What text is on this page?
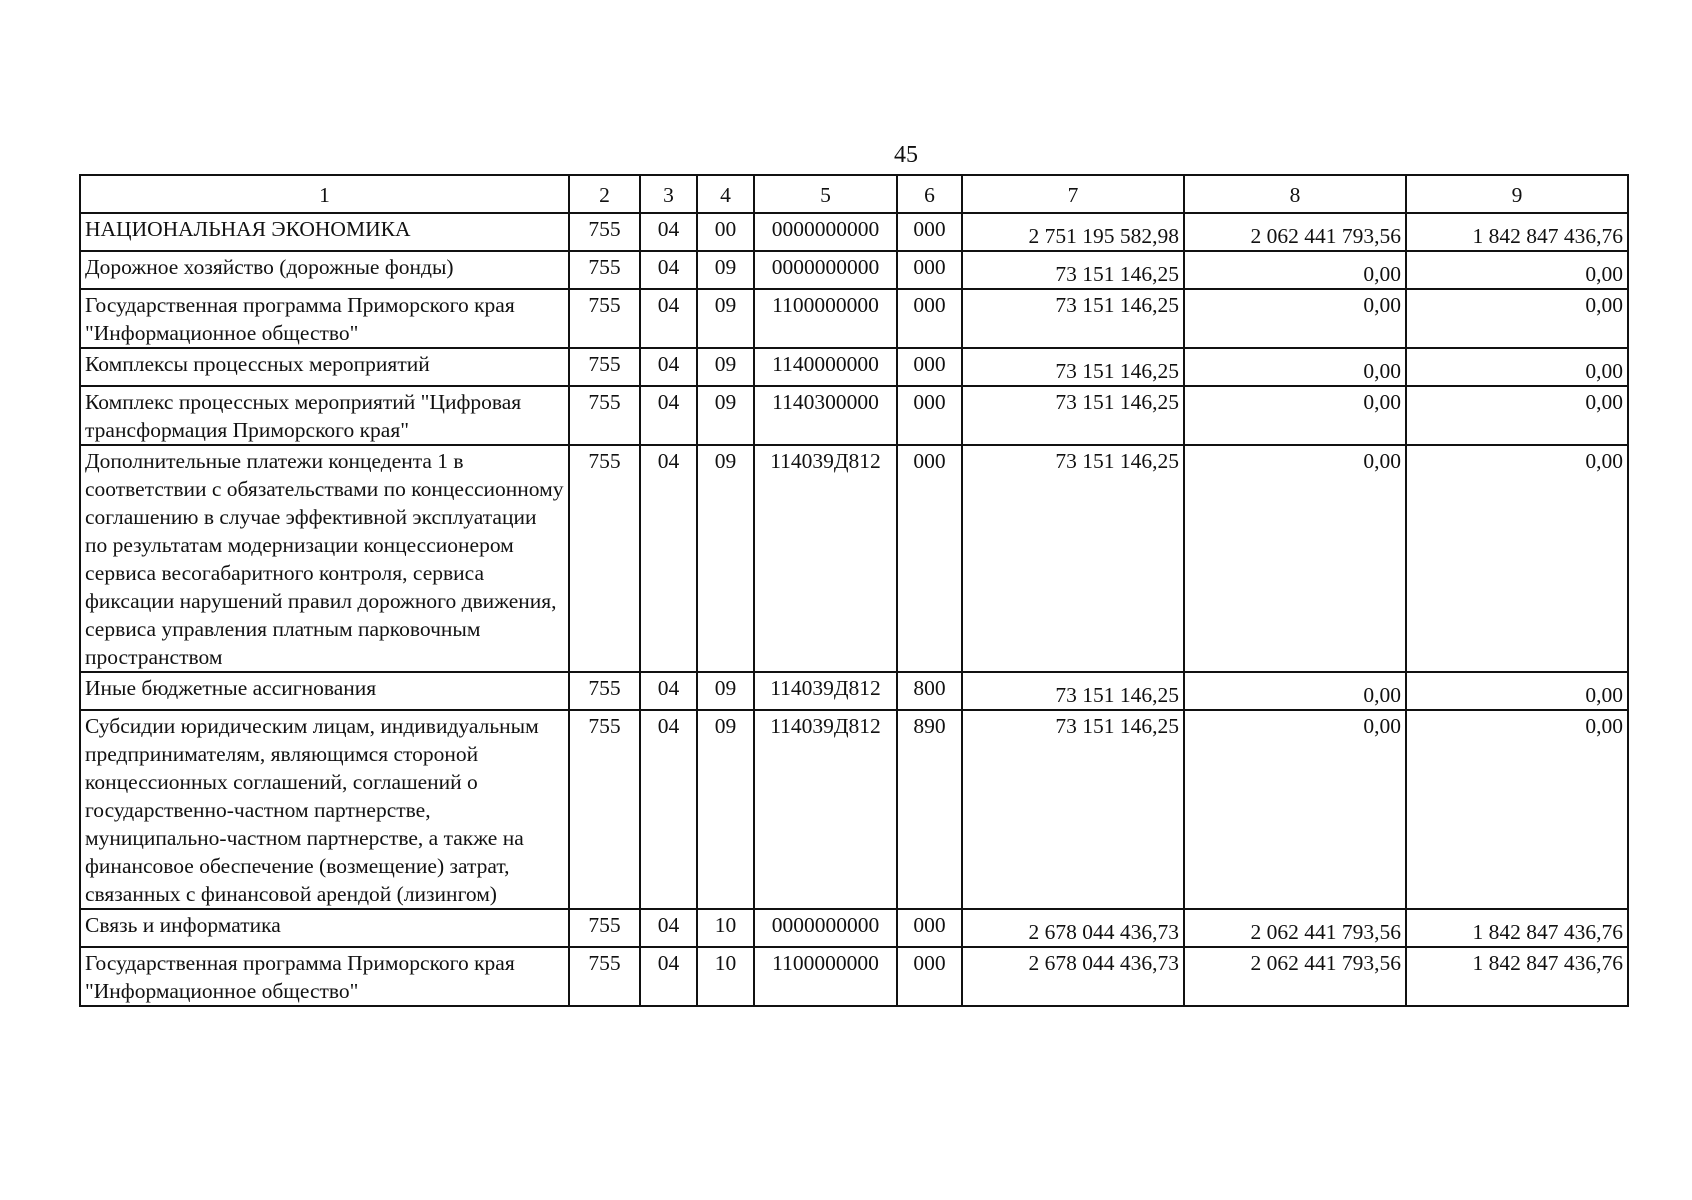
45
1	2	3	4	5	6	7	8	9
НАЦИОНАЛЬНАЯ ЭКОНОМИКА	755	04	00	0000000000	000	2 751 195 582,98	2 062 441 793,56	1 842 847 436,76
Дорожное хозяйство (дорожные фонды)	755	04	09	0000000000	000	73 151 146,25	0,00	0,00
Государственная программа Приморского края "Информационное общество"	755	04	09	1100000000	000	73 151 146,25	0,00	0,00
Комплексы процессных мероприятий	755	04	09	1140000000	000	73 151 146,25	0,00	0,00
Комплекс процессных мероприятий "Цифровая трансформация Приморского края"	755	04	09	1140300000	000	73 151 146,25	0,00	0,00
Дополнительные платежи концедента 1 в соответствии с обязательствами по концессионному соглашению в случае эффективной эксплуатации по результатам модернизации концессионером сервиса весогабаритного контроля, сервиса фиксации нарушений правил дорожного движения, сервиса управления платным парковочным пространством	755	04	09	114039Д812	000	73 151 146,25	0,00	0,00
Иные бюджетные ассигнования	755	04	09	114039Д812	800	73 151 146,25	0,00	0,00
Субсидии юридическим лицам, индивидуальным предпринимателям, являющимся стороной концессионных соглашений, соглашений о государственно-частном партнерстве, муниципально-частном партнерстве, а также на финансовое обеспечение (возмещение) затрат, связанных с финансовой арендой (лизингом)	755	04	09	114039Д812	890	73 151 146,25	0,00	0,00
Связь и информатика	755	04	10	0000000000	000	2 678 044 436,73	2 062 441 793,56	1 842 847 436,76
Государственная программа Приморского края "Информационное общество"	755	04	10	1100000000	000	2 678 044 436,73	2 062 441 793,56	1 842 847 436,76
